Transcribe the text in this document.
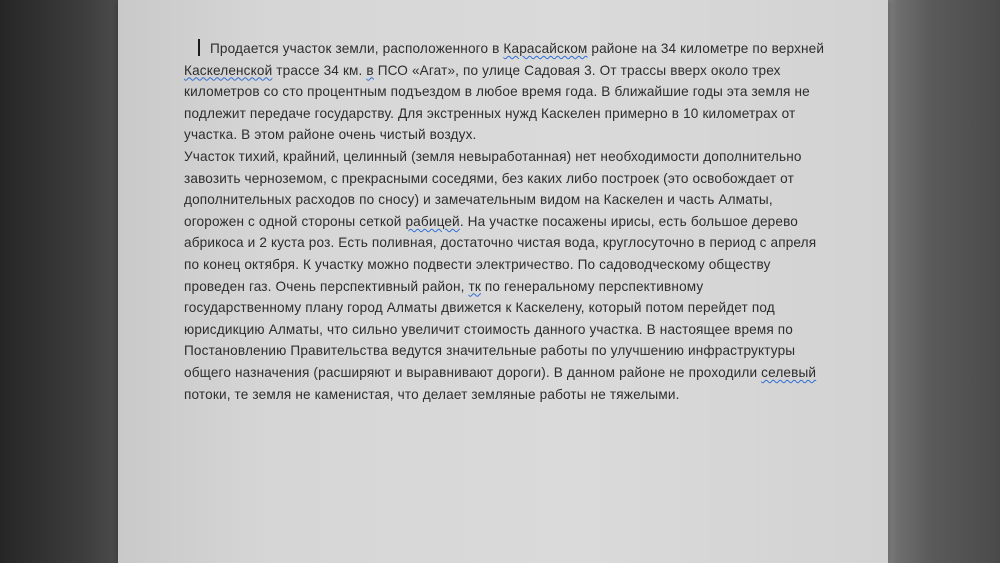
Продается участок земли, расположенного в Карасайском районе на 34 километре по верхней
Каскеленской трассе 34 км. в ПСО «Агат», по улице Садовая 3. От трассы вверх около трех
километров со сто процентным подъездом в любое время года. В ближайшие годы эта земля не
подлежит передаче государству. Для экстренных нужд Каскелен примерно в 10 километрах от
участка. В этом районе очень чистый воздух.
Участок тихий, крайний, целинный (земля невыработанная) нет необходимости дополнительно
завозить черноземом, с прекрасными соседями, без каких либо построек (это освобождает от
дополнительных расходов по сносу) и замечательным видом на Каскелен и часть Алматы,
огорожен с одной стороны сеткой рабицей. На участке посажены ирисы, есть большое дерево
абрикоса и 2 куста роз. Есть поливная, достаточно чистая вода, круглосуточно в период с апреля
по конец октября. К участку можно подвести электричество. По садоводческому обществу
проведен газ. Очень перспективный район, тк по генеральному перспективному
государственному плану город Алматы движется к Каскелену, который потом перейдет под
юрисдикцию Алматы, что сильно увеличит стоимость данного участка. В настоящее время по
Постановлению Правительства ведутся значительные работы по улучшению инфраструктуры
общего назначения (расширяют и выравнивают дороги). В данном районе не проходили селевый
потоки, те земля не каменистая, что делает земляные работы не тяжелыми.
